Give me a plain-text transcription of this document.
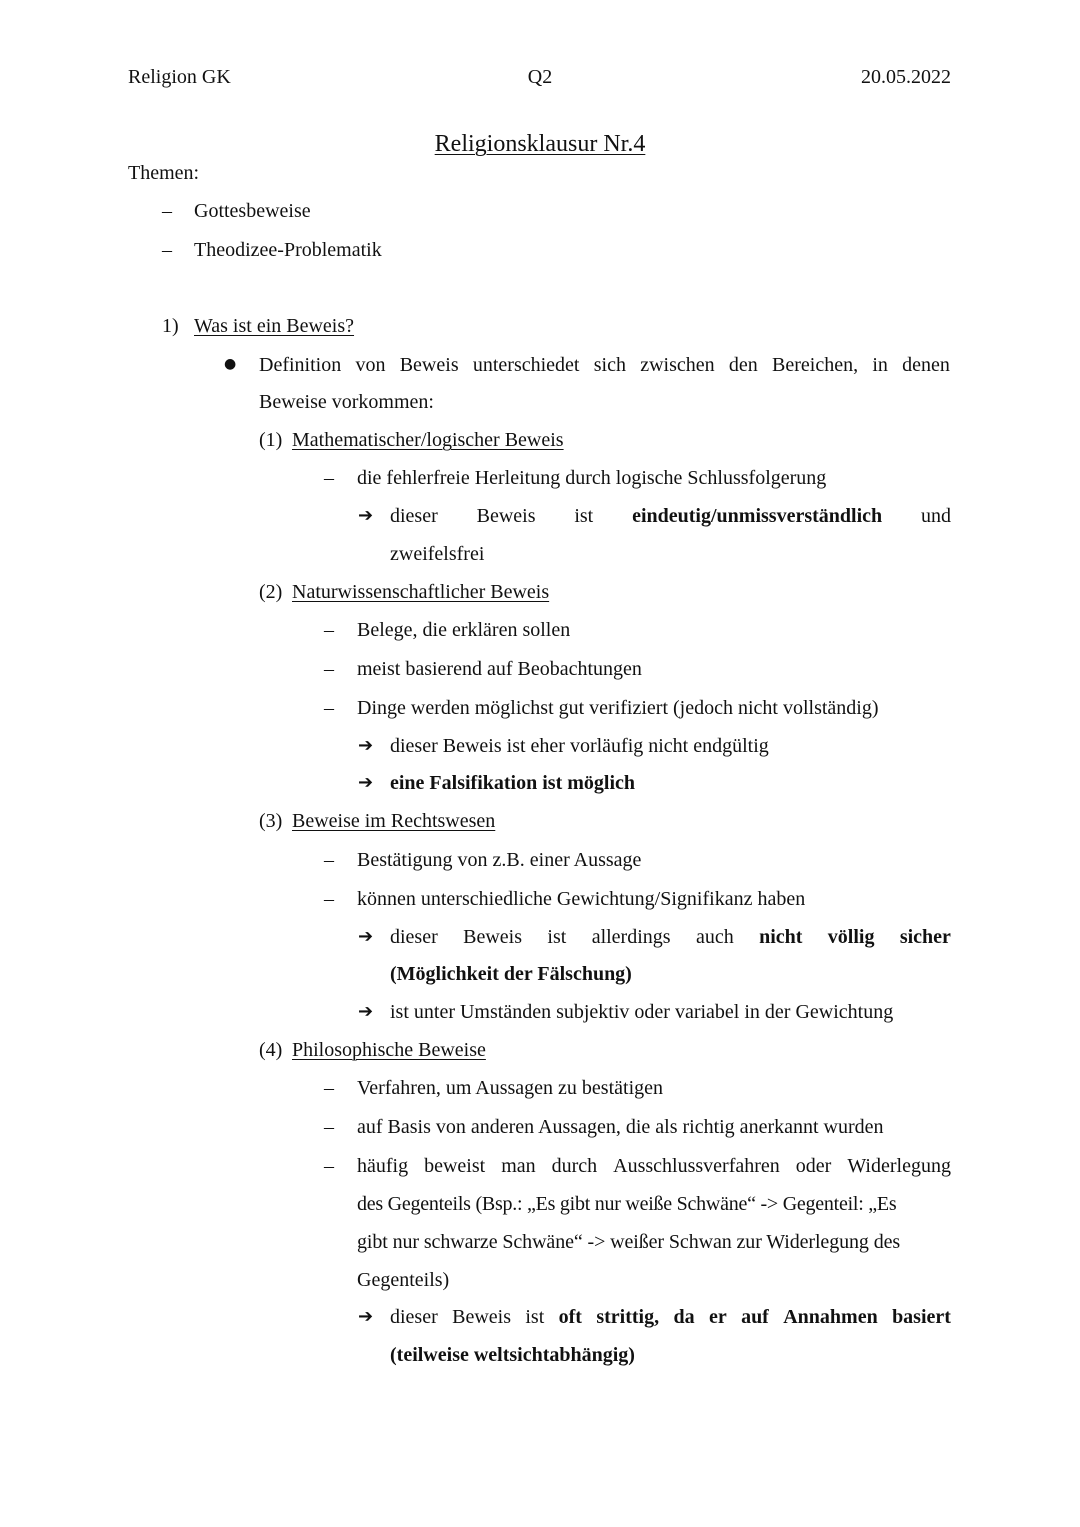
Religion GK	Q2	20.05.2022
Religionsklausur Nr.4
Themen:
– Gottesbeweise
– Theodizee-Problematik
1) Was ist ein Beweis?
● Definition von Beweis unterschiedet sich zwischen den Bereichen, in denen
Beweise vorkommen:
(1) Mathematischer/logischer Beweis
– die fehlerfreie Herleitung durch logische Schlussfolgerung
➔ dieser Beweis ist eindeutig/unmissverständlich und
zweifelsfrei
(2) Naturwissenschaftlicher Beweis
– Belege, die erklären sollen
– meist basierend auf Beobachtungen
– Dinge werden möglichst gut verifiziert (jedoch nicht vollständig)
➔ dieser Beweis ist eher vorläufig nicht endgültig
➔ eine Falsifikation ist möglich
(3) Beweise im Rechtswesen
– Bestätigung von z.B. einer Aussage
– können unterschiedliche Gewichtung/Signifikanz haben
➔ dieser Beweis ist allerdings auch nicht völlig sicher
(Möglichkeit der Fälschung)
➔ ist unter Umständen subjektiv oder variabel in der Gewichtung
(4) Philosophische Beweise
– Verfahren, um Aussagen zu bestätigen
– auf Basis von anderen Aussagen, die als richtig anerkannt wurden
– häufig beweist man durch Ausschlussverfahren oder Widerlegung
des Gegenteils (Bsp.: „Es gibt nur weiße Schwäne“ -> Gegenteil: „Es
gibt nur schwarze Schwäne“ -> weißer Schwan zur Widerlegung des
Gegenteils)
➔ dieser Beweis ist oft strittig, da er auf Annahmen basiert
(teilweise weltsichtabhängig)
